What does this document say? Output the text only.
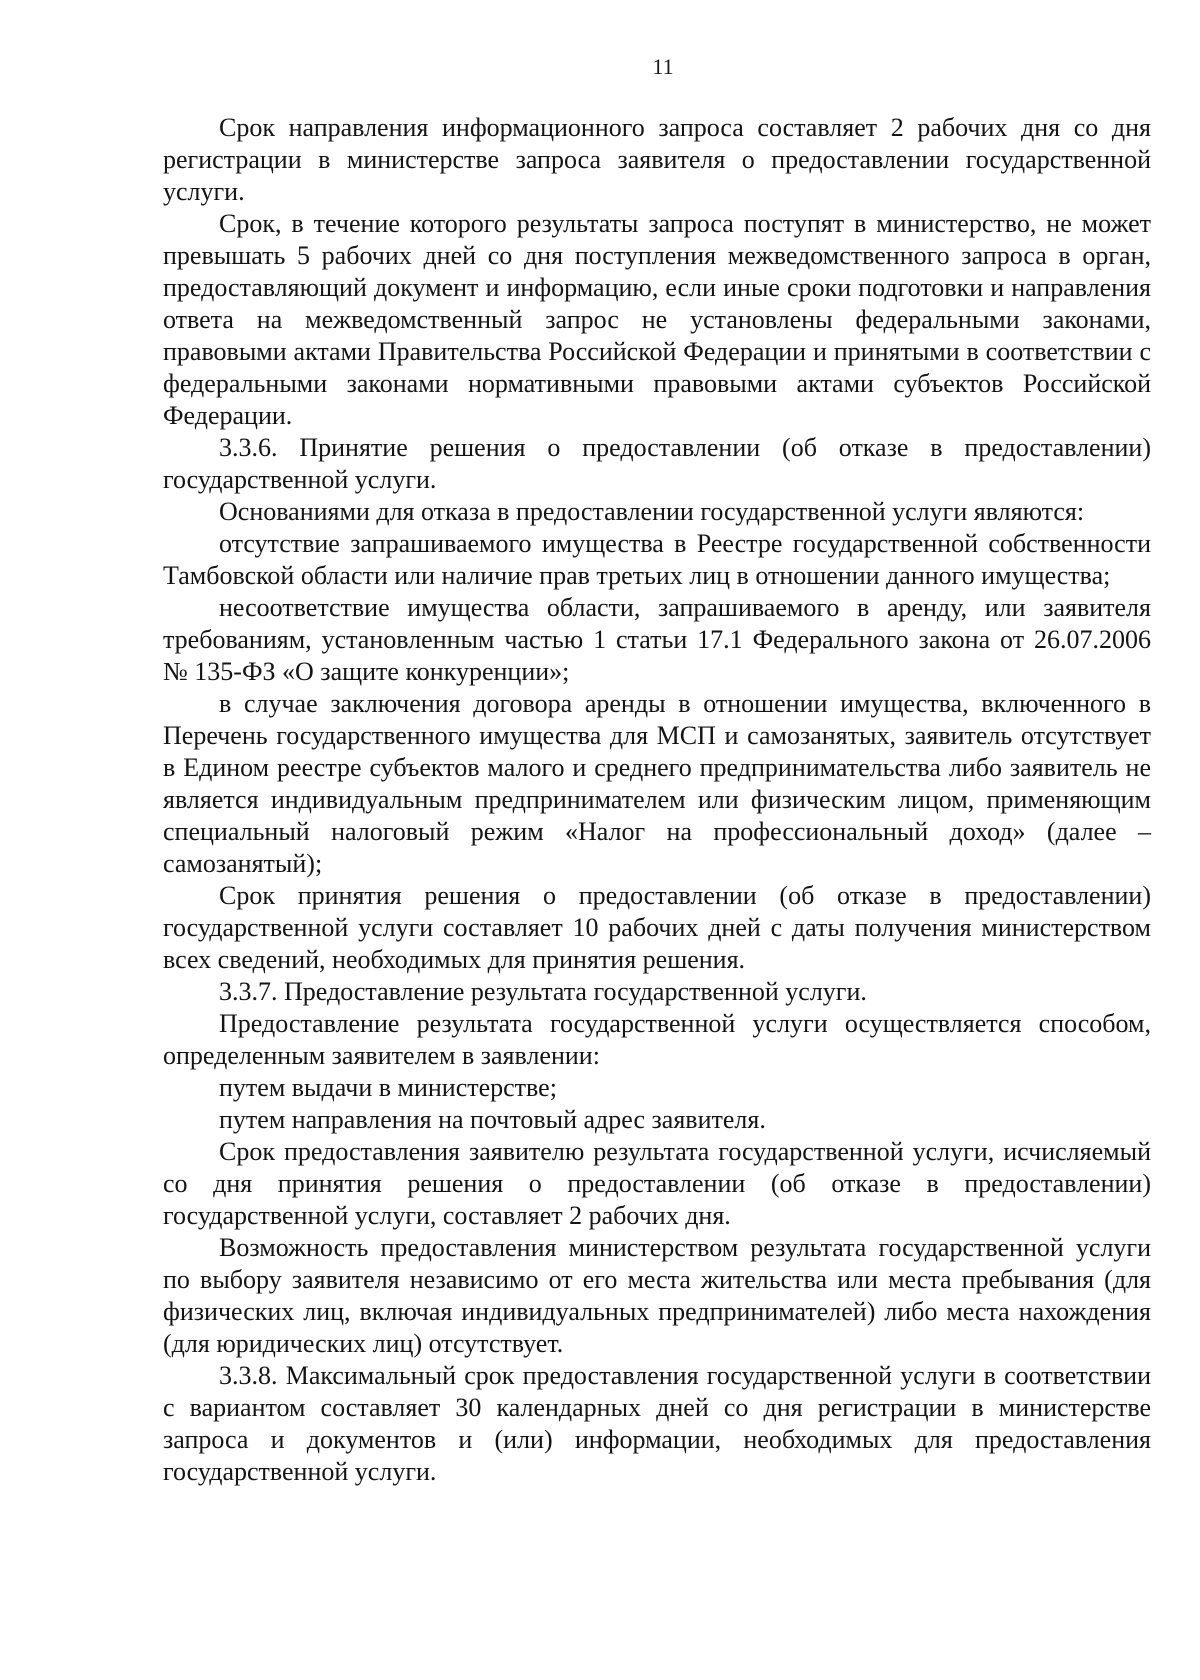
11

Срок направления информационного запроса составляет 2 рабочих дня со дня регистрации в министерстве запроса заявителя о предоставлении государственной услуги.

Срок, в течение которого результаты запроса поступят в министерство, не может превышать 5 рабочих дней со дня поступления межведомственного запроса в орган, предоставляющий документ и информацию, если иные сроки подготовки и направления ответа на межведомственный запрос не установлены федеральными законами, правовыми актами Правительства Российской Федерации и принятыми в соответствии с федеральными законами нормативными правовыми актами субъектов Российской Федерации.

3.3.6. Принятие решения о предоставлении (об отказе в предоставлении) государственной услуги.

Основаниями для отказа в предоставлении государственной услуги являются:

отсутствие запрашиваемого имущества в Реестре государственной собственности Тамбовской области или наличие прав третьих лиц в отношении данного имущества;

несоответствие имущества области, запрашиваемого в аренду, или заявителя требованиям, установленным частью 1 статьи 17.1 Федерального закона от 26.07.2006 № 135-ФЗ «О защите конкуренции»;

в случае заключения договора аренды в отношении имущества, включенного в Перечень государственного имущества для МСП и самозанятых, заявитель отсутствует в Едином реестре субъектов малого и среднего предпринимательства либо заявитель не является индивидуальным предпринимателем или физическим лицом, применяющим специальный налоговый режим «Налог на профессиональный доход» (далее – самозанятый);

Срок принятия решения о предоставлении (об отказе в предоставлении) государственной услуги составляет 10 рабочих дней с даты получения министерством всех сведений, необходимых для принятия решения.

3.3.7. Предоставление результата государственной услуги.

Предоставление результата государственной услуги осуществляется способом, определенным заявителем в заявлении:

путем выдачи в министерстве;

путем направления на почтовый адрес заявителя.

Срок предоставления заявителю результата государственной услуги, исчисляемый со дня принятия решения о предоставлении (об отказе в предоставлении) государственной услуги, составляет 2 рабочих дня.

Возможность предоставления министерством результата государственной услуги по выбору заявителя независимо от его места жительства или места пребывания (для физических лиц, включая индивидуальных предпринимателей) либо места нахождения (для юридических лиц) отсутствует.

3.3.8. Максимальный срок предоставления государственной услуги в соответствии с вариантом составляет 30 календарных дней со дня регистрации в министерстве запроса и документов и (или) информации, необходимых для предоставления государственной услуги.
